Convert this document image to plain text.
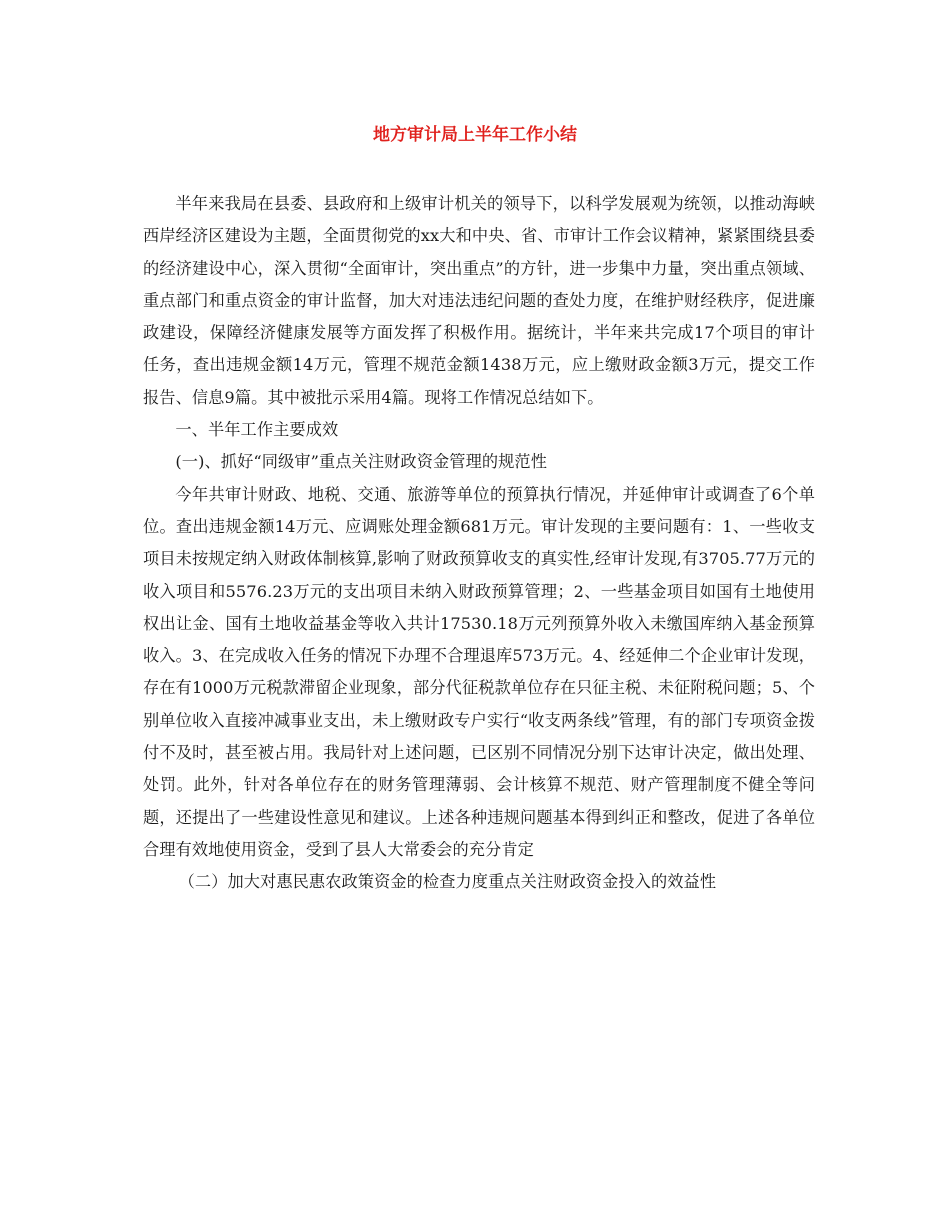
地方审计局上半年工作小结

半年来我局在县委、县政府和上级审计机关的领导下，以科学发展观为统领，以推动海峡西岸经济区建设为主题，全面贯彻党的xx大和中央、省、市审计工作会议精神，紧紧围绕县委的经济建设中心，深入贯彻“全面审计，突出重点”的方针，进一步集中力量，突出重点领域、重点部门和重点资金的审计监督，加大对违法违纪问题的查处力度，在维护财经秩序，促进廉政建设，保障经济健康发展等方面发挥了积极作用。据统计，半年来共完成17个项目的审计任务，查出违规金额14万元，管理不规范金额1438万元，应上缴财政金额3万元，提交工作报告、信息9篇。其中被批示采用4篇。现将工作情况总结如下。

一、半年工作主要成效

(一)、抓好“同级审”重点关注财政资金管理的规范性

今年共审计财政、地税、交通、旅游等单位的预算执行情况，并延伸审计或调查了6个单位。查出违规金额14万元、应调账处理金额681万元。审计发现的主要问题有：1、一些收支项目未按规定纳入财政体制核算,影响了财政预算收支的真实性,经审计发现,有3705.77万元的收入项目和5576.23万元的支出项目未纳入财政预算管理；2、一些基金项目如国有土地使用权出让金、国有土地收益基金等收入共计17530.18万元列预算外收入未缴国库纳入基金预算收入。3、在完成收入任务的情况下办理不合理退库573万元。4、经延伸二个企业审计发现，存在有1000万元税款滞留企业现象，部分代征税款单位存在只征主税、未征附税问题；5、个别单位收入直接冲减事业支出，未上缴财政专户实行“收支两条线”管理，有的部门专项资金拨付不及时，甚至被占用。我局针对上述问题，已区别不同情况分别下达审计决定，做出处理、处罚。此外，针对各单位存在的财务管理薄弱、会计核算不规范、财产管理制度不健全等问题，还提出了一些建设性意见和建议。上述各种违规问题基本得到纠正和整改，促进了各单位合理有效地使用资金，受到了县人大常委会的充分肯定

（二）加大对惠民惠农政策资金的检查力度重点关注财政资金投入的效益性
